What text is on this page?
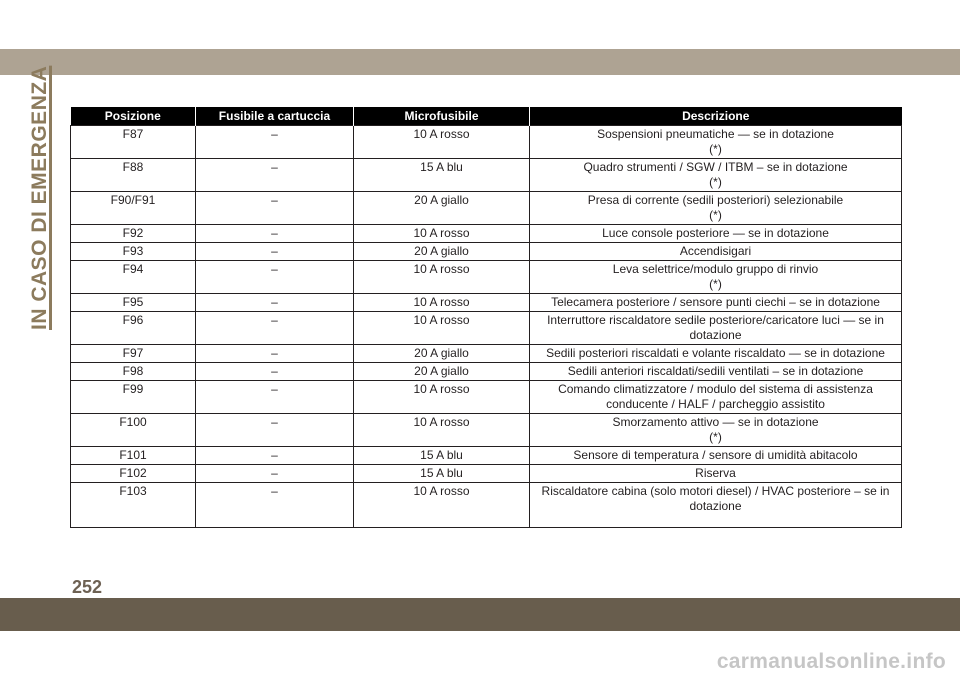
IN CASO DI EMERGENZA	Posizione	Fusibile a cartuccia	Microfusibile	Descrizione
F87	–	10 A rosso	Sospensioni pneumatiche — se in dotazione
(*)

F88	–	15 A blu	Quadro strumenti / SGW / ITBM – se in dotazione
(*)

F90/F91	–	20 A giallo	Presa di corrente (sedili posteriori) selezionabile
(*)

F92	–	10 A rosso	Luce console posteriore — se in dotazione

F93	–	20 A giallo	Accendisigari

F94	–	10 A rosso	Leva selettrice/modulo gruppo di rinvio
(*)

F95	–	10 A rosso	Telecamera posteriore / sensore punti ciechi – se in dotazione

F96	–	10 A rosso	Interruttore riscaldatore sedile posteriore/caricatore luci — se in dotazione

F97	–	20 A giallo	Sedili posteriori riscaldati e volante riscaldato — se in dotazione

F98	–	20 A giallo	Sedili anteriori riscaldati/sedili ventilati – se in dotazione

F99	–	10 A rosso	Comando climatizzatore / modulo del sistema di assistenza conducente / HALF / parcheggio assistito

F100	–	10 A rosso	Smorzamento attivo — se in dotazione
(*)

F101	–	15 A blu	Sensore di temperatura / sensore di umidità abitacolo

F102	–	15 A blu	Riserva

F103	–	10 A rosso	Riscaldatore cabina (solo motori diesel) / HVAC posteriore – se in dotazione
252
carmanualsonline.info
